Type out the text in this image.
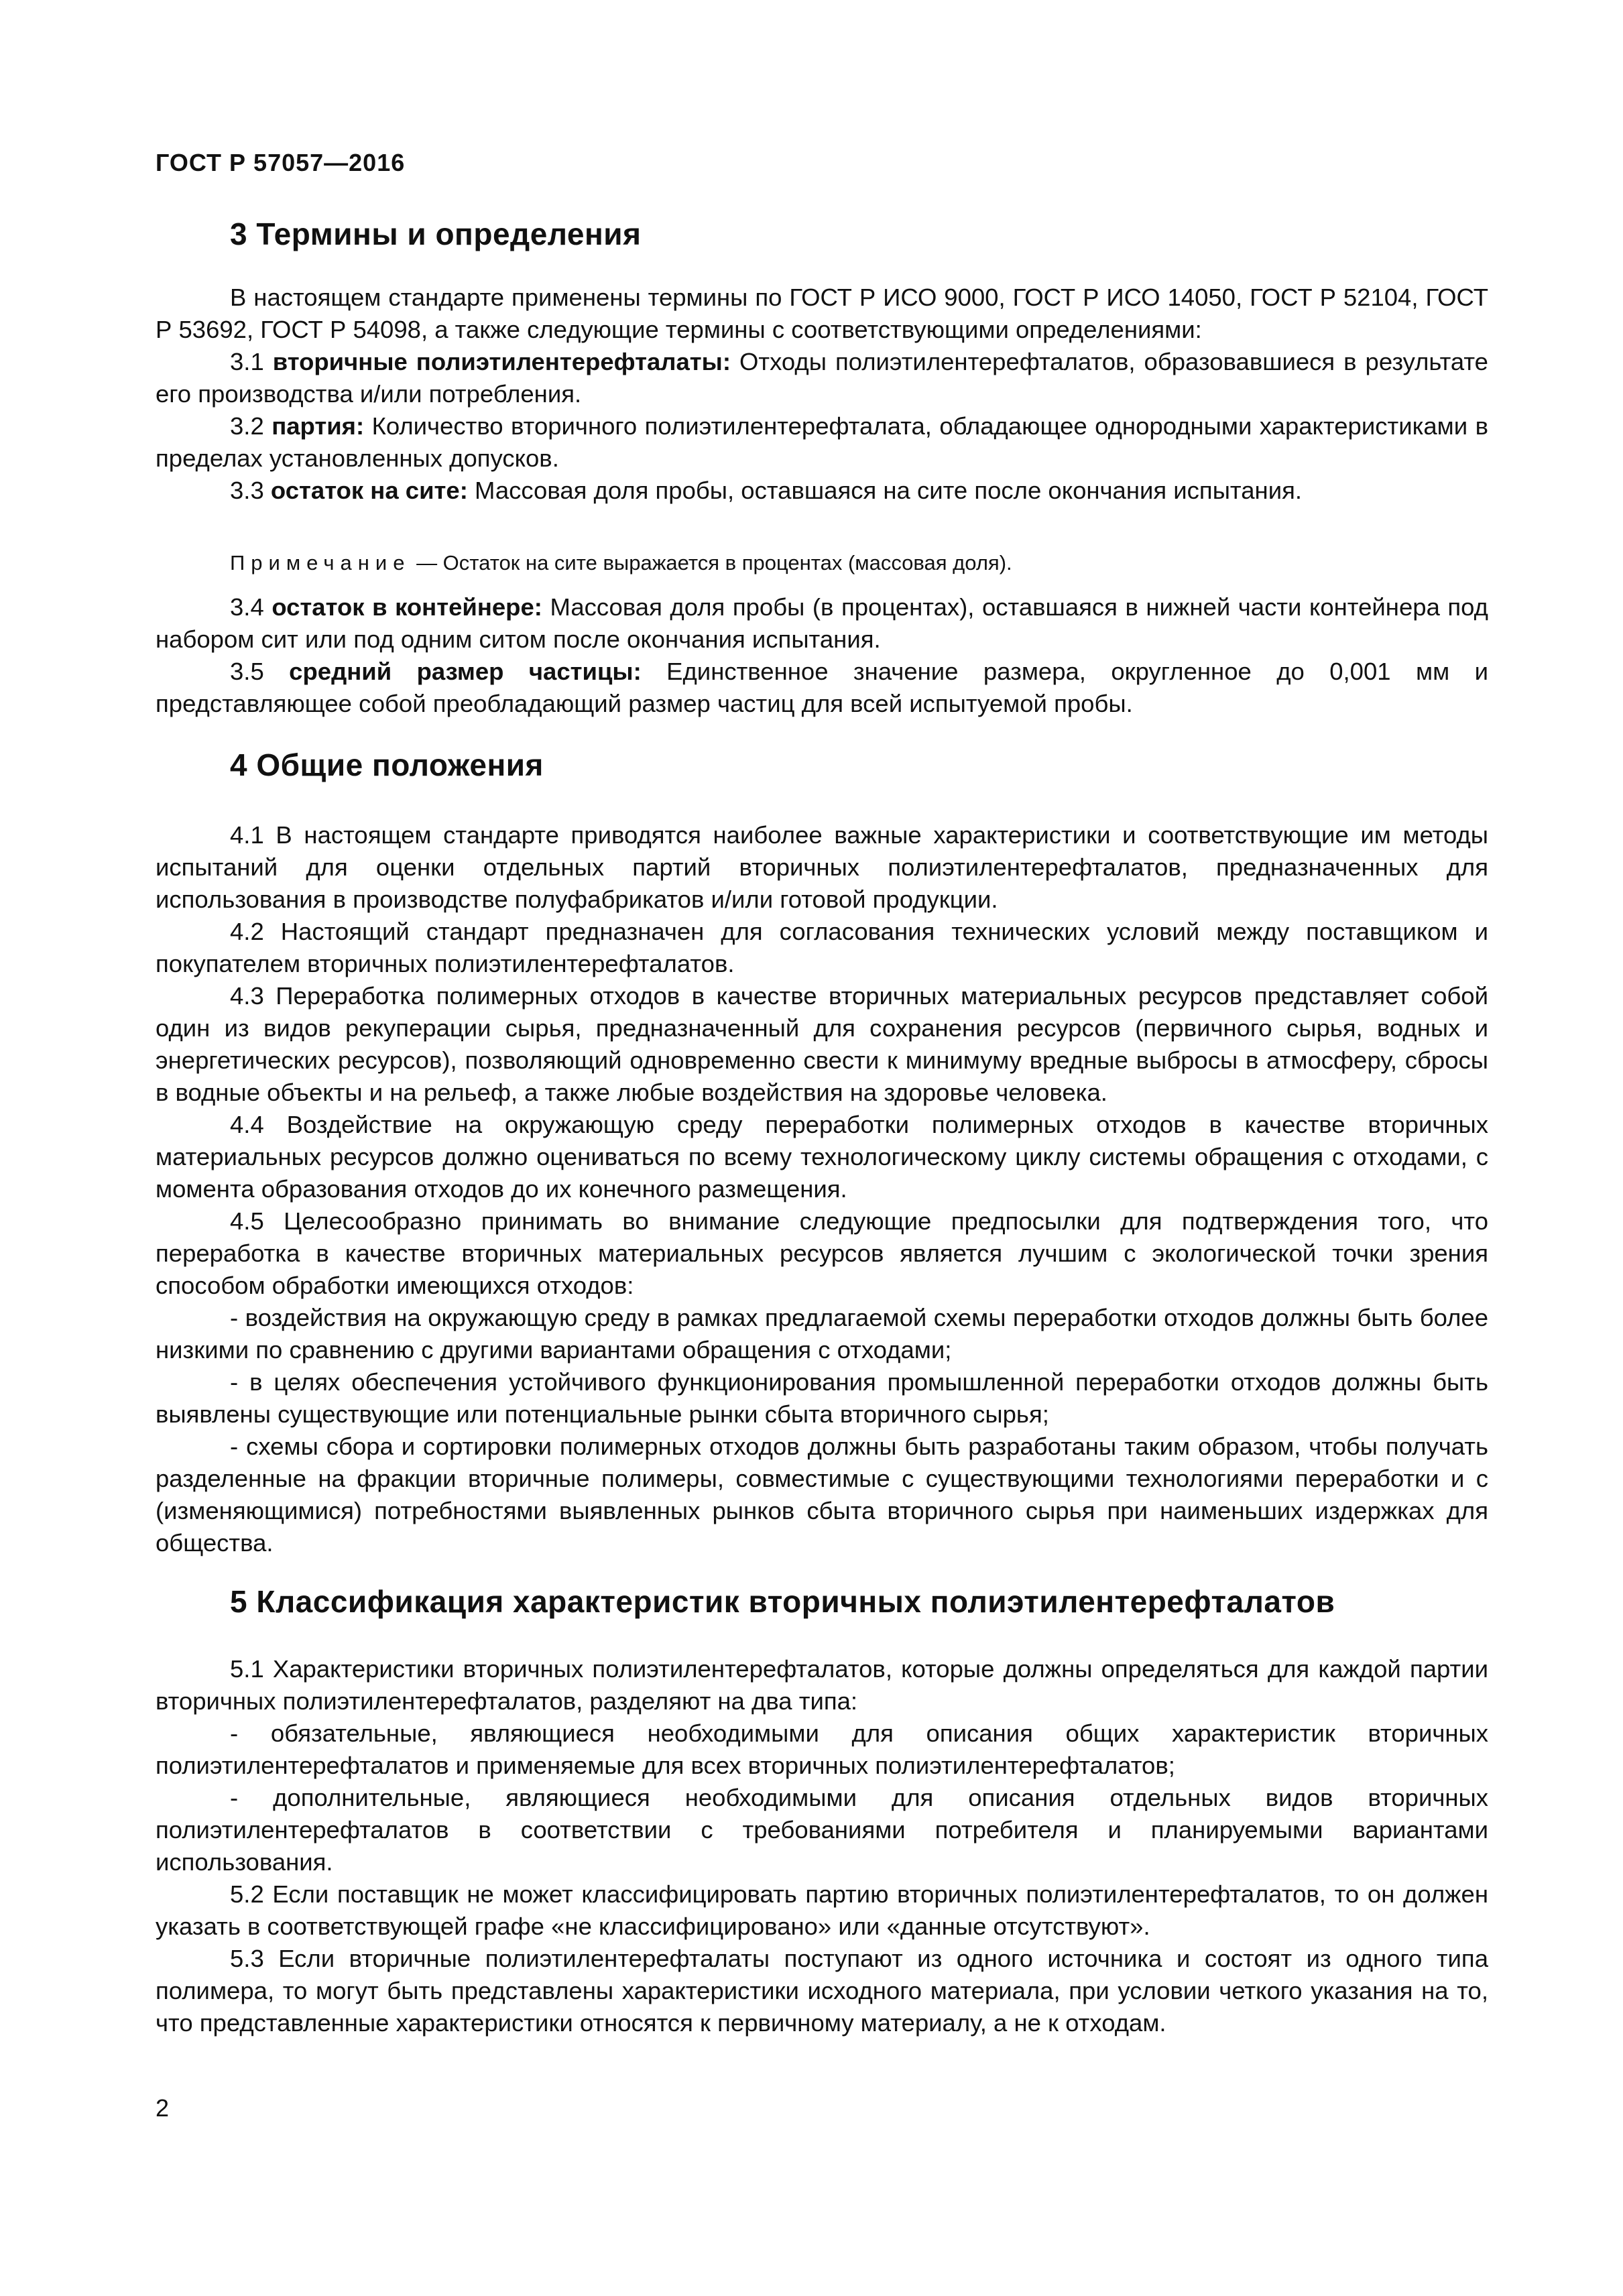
ГОСТ Р 57057—2016
3 Термины и определения

В настоящем стандарте применены термины по ГОСТ Р ИСО 9000, ГОСТ Р ИСО 14050, ГОСТ Р 52104, ГОСТ Р 53692, ГОСТ Р 54098, а также следующие термины с соответствующими определениями:

3.1 вторичные полиэтилентерефталаты: Отходы полиэтилентерефталатов, образовавшиеся в результате его производства и/или потребления.

3.2 партия: Количество вторичного полиэтилентерефталата, обладающее однородными характеристиками в пределах установленных допусков.

3.3 остаток на сите: Массовая доля пробы, оставшаяся на сите после окончания испытания.

Примечание — Остаток на сите выражается в процентах (массовая доля).

3.4 остаток в контейнере: Массовая доля пробы (в процентах), оставшаяся в нижней части контейнера под набором сит или под одним ситом после окончания испытания.

3.5 средний размер частицы: Единственное значение размера, округленное до 0,001 мм и представляющее собой преобладающий размер частиц для всей испытуемой пробы.

4 Общие положения

4.1 В настоящем стандарте приводятся наиболее важные характеристики и соответствующие им методы испытаний для оценки отдельных партий вторичных полиэтилентерефталатов, предназначенных для использования в производстве полуфабрикатов и/или готовой продукции.

4.2 Настоящий стандарт предназначен для согласования технических условий между поставщиком и покупателем вторичных полиэтилентерефталатов.

4.3 Переработка полимерных отходов в качестве вторичных материальных ресурсов представляет собой один из видов рекуперации сырья, предназначенный для сохранения ресурсов (первичного сырья, водных и энергетических ресурсов), позволяющий одновременно свести к минимуму вредные выбросы в атмосферу, сбросы в водные объекты и на рельеф, а также любые воздействия на здоровье человека.

4.4 Воздействие на окружающую среду переработки полимерных отходов в качестве вторичных материальных ресурсов должно оцениваться по всему технологическому циклу системы обращения с отходами, с момента образования отходов до их конечного размещения.

4.5 Целесообразно принимать во внимание следующие предпосылки для подтверждения того, что переработка в качестве вторичных материальных ресурсов является лучшим с экологической точки зрения способом обработки имеющихся отходов:

- воздействия на окружающую среду в рамках предлагаемой схемы переработки отходов должны быть более низкими по сравнению с другими вариантами обращения с отходами;

- в целях обеспечения устойчивого функционирования промышленной переработки отходов должны быть выявлены существующие или потенциальные рынки сбыта вторичного сырья;

- схемы сбора и сортировки полимерных отходов должны быть разработаны таким образом, чтобы получать разделенные на фракции вторичные полимеры, совместимые с существующими технологиями переработки и с (изменяющимися) потребностями выявленных рынков сбыта вторичного сырья при наименьших издержках для общества.

5 Классификация характеристик вторичных полиэтилентерефталатов

5.1 Характеристики вторичных полиэтилентерефталатов, которые должны определяться для каждой партии вторичных полиэтилентерефталатов, разделяют на два типа:

- обязательные, являющиеся необходимыми для описания общих характеристик вторичных полиэтилентерефталатов и применяемые для всех вторичных полиэтилентерефталатов;

- дополнительные, являющиеся необходимыми для описания отдельных видов вторичных полиэтилентерефталатов в соответствии с требованиями потребителя и планируемыми вариантами использования.

5.2 Если поставщик не может классифицировать партию вторичных полиэтилентерефталатов, то он должен указать в соответствующей графе «не классифицировано» или «данные отсутствуют».

5.3 Если вторичные полиэтилентерефталаты поступают из одного источника и состоят из одного типа полимера, то могут быть представлены характеристики исходного материала, при условии четкого указания на то, что представленные характеристики относятся к первичному материалу, а не к отходам.

2
